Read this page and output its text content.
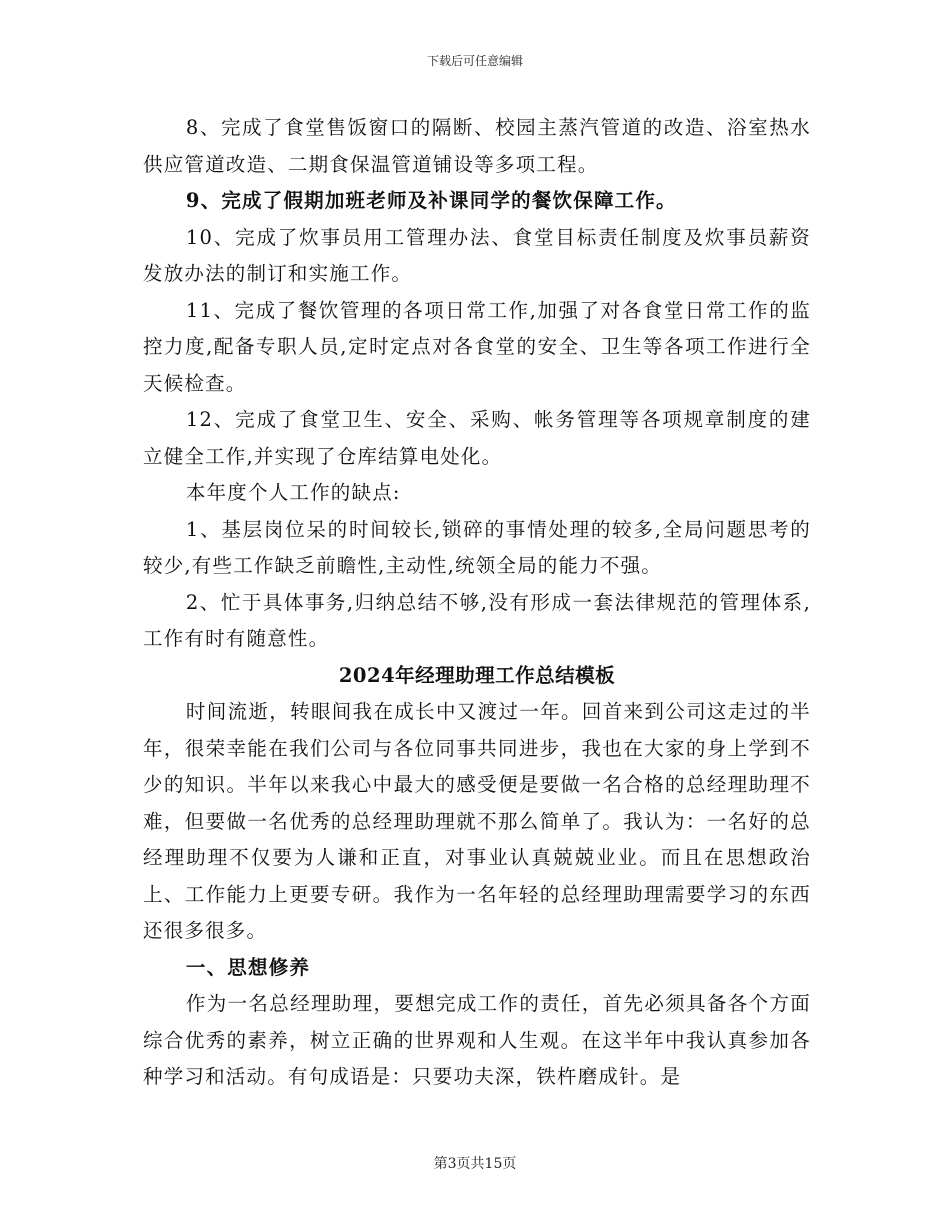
下载后可任意编辑

8、完成了食堂售饭窗口的隔断、校园主蒸汽管道的改造、浴室热水供应管道改造、二期食保温管道铺设等多项工程。

9、完成了假期加班老师及补课同学的餐饮保障工作。

10、完成了炊事员用工管理办法、食堂目标责任制度及炊事员薪资发放办法的制订和实施工作。

11、完成了餐饮管理的各项日常工作,加强了对各食堂日常工作的监控力度,配备专职人员,定时定点对各食堂的安全、卫生等各项工作进行全天候检查。

12、完成了食堂卫生、安全、采购、帐务管理等各项规章制度的建立健全工作,并实现了仓库结算电处化。

本年度个人工作的缺点:

1、基层岗位呆的时间较长,锁碎的事情处理的较多,全局问题思考的较少,有些工作缺乏前瞻性,主动性,统领全局的能力不强。

2、忙于具体事务,归纳总结不够,没有形成一套法律规范的管理体系,工作有时有随意性。

2024年经理助理工作总结模板

时间流逝，转眼间我在成长中又渡过一年。回首来到公司这走过的半年，很荣幸能在我们公司与各位同事共同进步，我也在大家的身上学到不少的知识。半年以来我心中最大的感受便是要做一名合格的总经理助理不难，但要做一名优秀的总经理助理就不那么简单了。我认为：一名好的总经理助理不仅要为人谦和正直，对事业认真兢兢业业。而且在思想政治上、工作能力上更要专研。我作为一名年轻的总经理助理需要学习的东西还很多很多。

一、思想修养

作为一名总经理助理，要想完成工作的责任，首先必须具备各个方面综合优秀的素养，树立正确的世界观和人生观。在这半年中我认真参加各种学习和活动。有句成语是：只要功夫深，铁杵磨成针。是

第3页共15页
